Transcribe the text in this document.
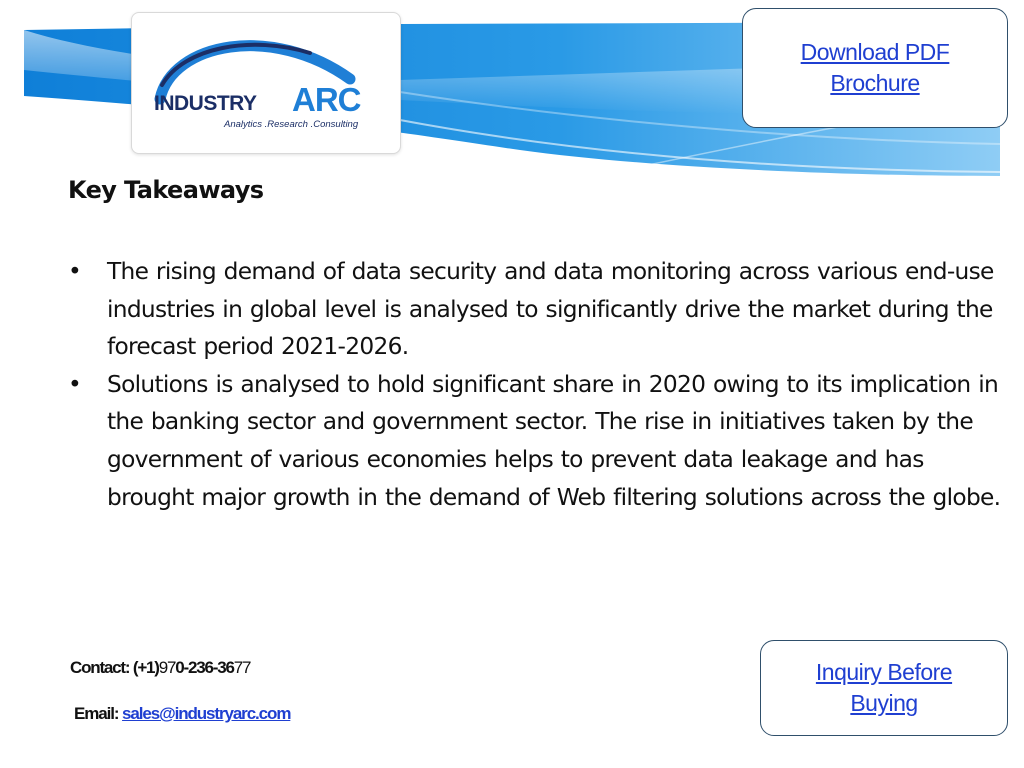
INDUSTRY ARC
Analytics .Research .Consulting
Download PDF
Brochure
Key Takeaways
• The rising demand of data security and data monitoring across various end-use industries in global level is analysed to significantly drive the market during the forecast period 2021-2026.
• Solutions is analysed to hold significant share in 2020 owing to its implication in the banking sector and government sector. The rise in initiatives taken by the government of various economies helps to prevent data leakage and has brought major growth in the demand of Web filtering solutions across the globe.

Contact: (+1)970-236-3677

Email: sales@industryarc.com

Inquiry Before
Buying
